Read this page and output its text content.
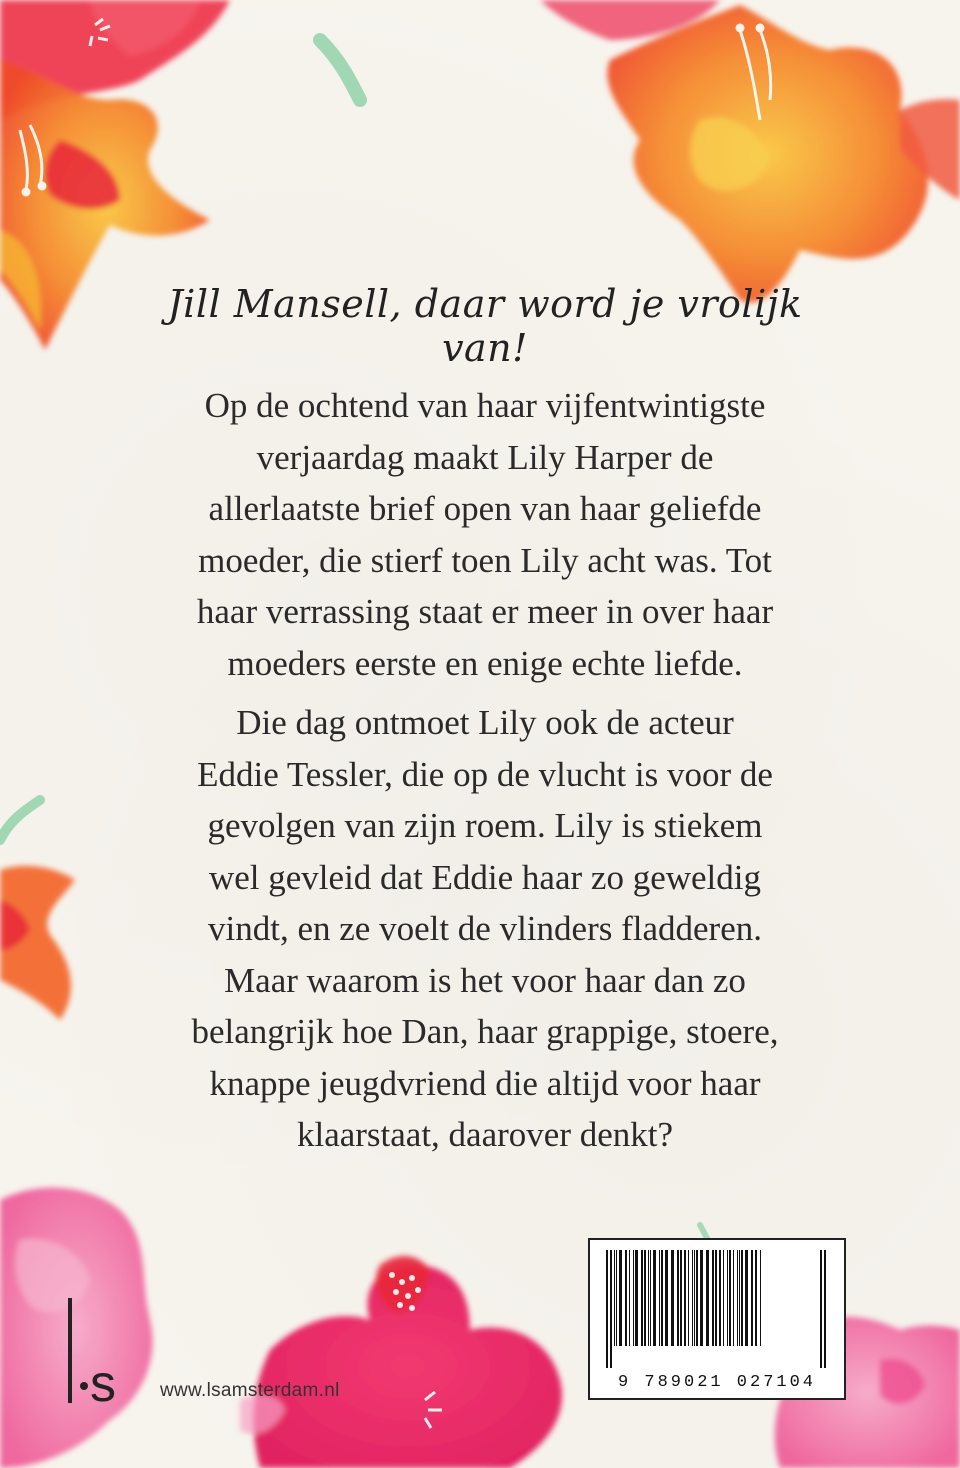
Jill Mansell, daar word je vrolijk van!
Op de ochtend van haar vijfentwintigste
verjaardag maakt Lily Harper de
allerlaatste brief open van haar geliefde
moeder, die stierf toen Lily acht was. Tot
haar verrassing staat er meer in over haar
moeders eerste en enige echte liefde.
Die dag ontmoet Lily ook de acteur
Eddie Tessler, die op de vlucht is voor de
gevolgen van zijn roem. Lily is stiekem
wel gevleid dat Eddie haar zo geweldig
vindt, en ze voelt de vlinders fladderen.
Maar waarom is het voor haar dan zo
belangrijk hoe Dan, haar grappige, stoere,
knappe jeugdvriend die altijd voor haar
klaarstaat, daarover denkt?
s www.lsamsterdam.nl	9 789021 027104
